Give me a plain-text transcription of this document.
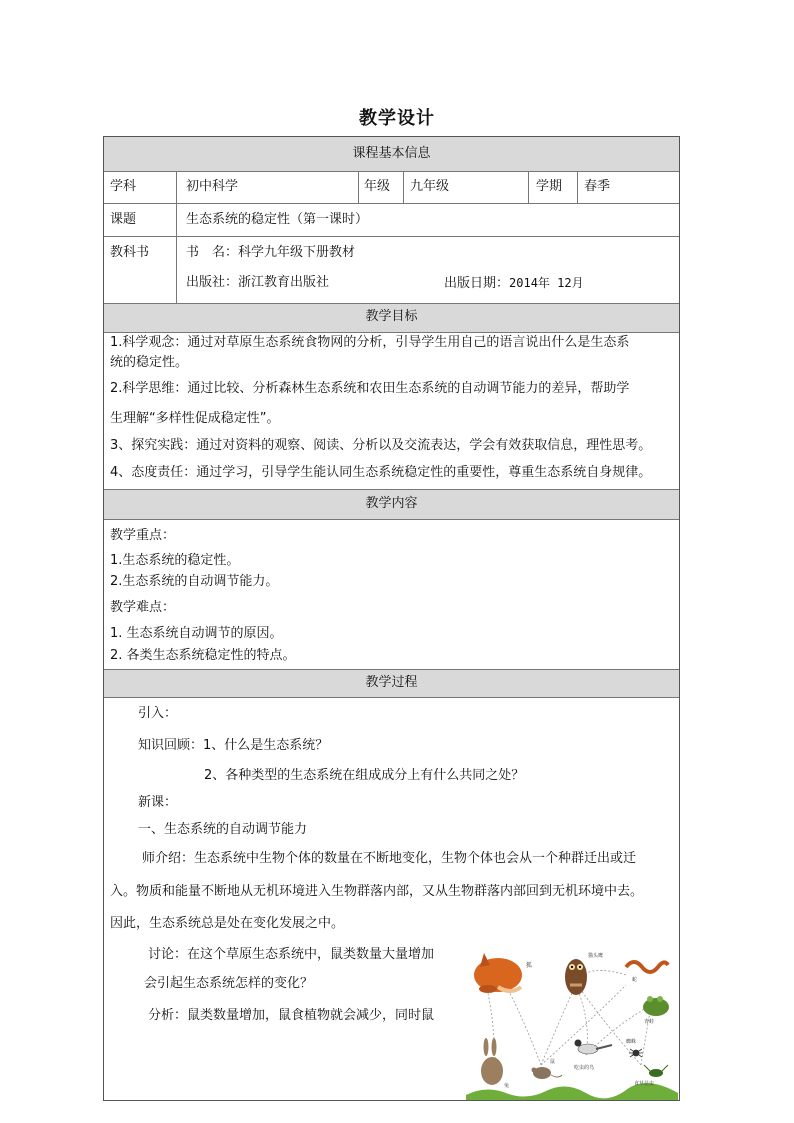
教学设计
课程基本信息
教学目标
教学内容
教学过程
学科	初中科学	年级 九年级	学期 春季
课题	生态系统的稳定性（第一课时）
教科书	书　名：科学九年级下册教材
出版社：浙江教育出版社	出版日期：2014年 12月
1.科学观念：通过对草原生态系统食物网的分析，引导学生用自己的语言说出什么是生态系
统的稳定性。
2.科学思维：通过比较、分析森林生态系统和农田生态系统的自动调节能力的差异，帮助学
生理解“多样性促成稳定性”。
3、探究实践：通过对资料的观察、阅读、分析以及交流表达，学会有效获取信息，理性思考。
4、态度责任：通过学习，引导学生能认同生态系统稳定性的重要性，尊重生态系统自身规律。
教学重点：
1.生态系统的稳定性。
2.生态系统的自动调节能力。
教学难点：
1. 生态系统自动调节的原因。
2. 各类生态系统稳定性的特点。
引入：
知识回顾：1、什么是生态系统？
2、各种类型的生态系统在组成成分上有什么共同之处？
新课：
一、生态系统的自动调节能力
师介绍：生态系统中生物个体的数量在不断地变化，生物个体也会从一个种群迁出或迁
入。物质和能量不断地从无机环境进入生物群落内部，又从生物群落内部回到无机环境中去。
因此，生态系统总是处在变化发展之中。
讨论：在这个草原生态系统中，鼠类数量大量增加
会引起生态系统怎样的变化？
分析：鼠类数量增加，鼠食植物就会减少，同时鼠
狐
猫头鹰
蛇
青蛙
蜘蛛
食草昆虫
吃虫的鸟
兔
鼠
